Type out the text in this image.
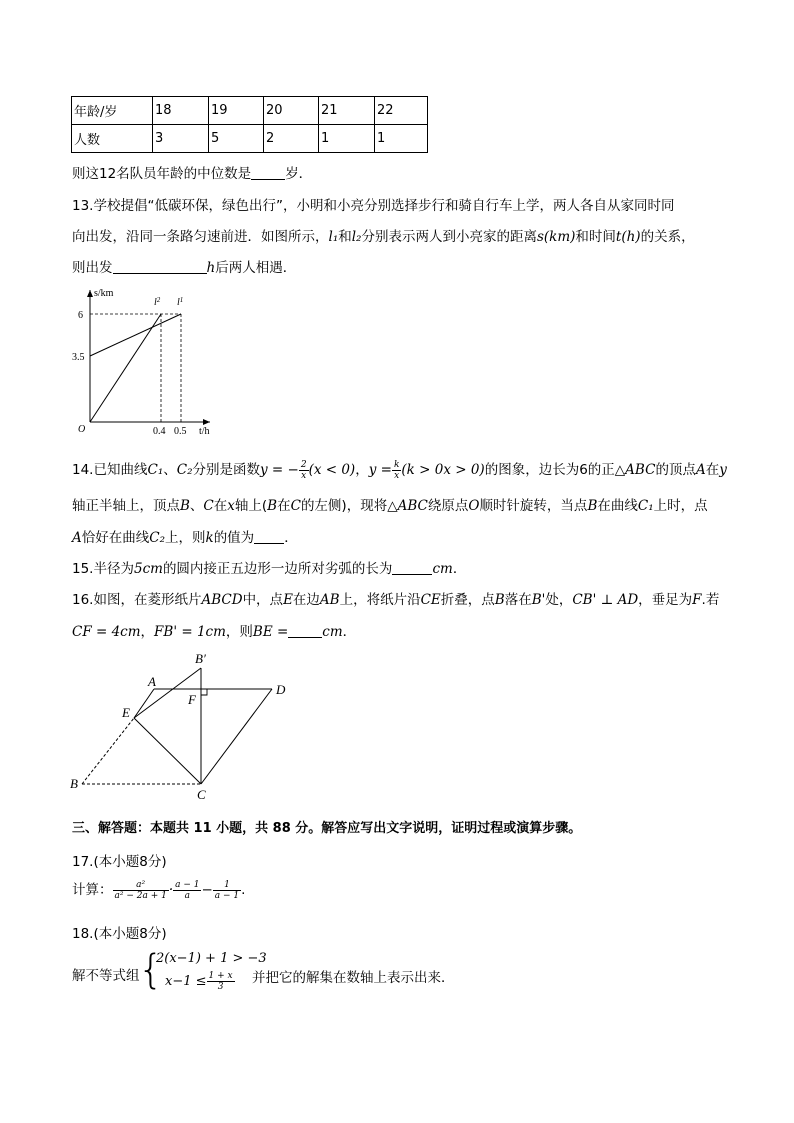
年龄/岁	18	19	20	21	22
人数	3	5	2	1	1
则这12名队员年龄的中位数是	岁．
13.学校提倡“低碳环保，绿色出行”，小明和小亮分别选择步行和骑自行车上学，两人各自从家同时同
向出发，沿同一条路匀速前进．如图所示，l₁和l₂分别表示两人到小亮家的距离s(km)和时间t(h)的关系，
则出发	h后两人相遇．
s/km
O
6
3.5
0.4 0.5 t/h
$l^2$ $l^1$
14.已知曲线C₁、C₂分别是函数y = − $\frac{2}{x} (x < 0)$，$y = \frac{k}{x} (k > 0x > 0)$的图象，边长为6的正△ABC的顶点A在y
轴正半轴上，顶点B、C在x轴上(B在C的左侧)，现将△ABC绕原点O顺时针旋转，当点B在曲线C₁上时，点
A恰好在曲线C₂上，则k的值为 ．
15.半径为5cm的圆内接正五边形一边所对劣弧的长为	cm．
16.如图，在菱形纸片ABCD中，点E在边AB上，将纸片沿CE折叠，点B落在B'处，CB' ⊥ AD，垂足为F.若
CF = 4cm，FB' = 1cm，则BE =	cm．
A
B
C
D
E
F
B′
三、解答题：本题共 11 小题，共 88 分。解答应写出文字说明，证明过程或演算步骤。
17.(本小题8分)
计算： $\frac{\text{a²}}{\text{a² − 2a + 1}} \cdot \frac{a - 1}{a} - \frac{1}{a - 1}$ .
18.(本小题8分)
解不等式组
{
2(x−1) + 1 > −3
$x-1 \le \frac{1 + x}{3}$ 并把它的解集在数轴上表示出来．
